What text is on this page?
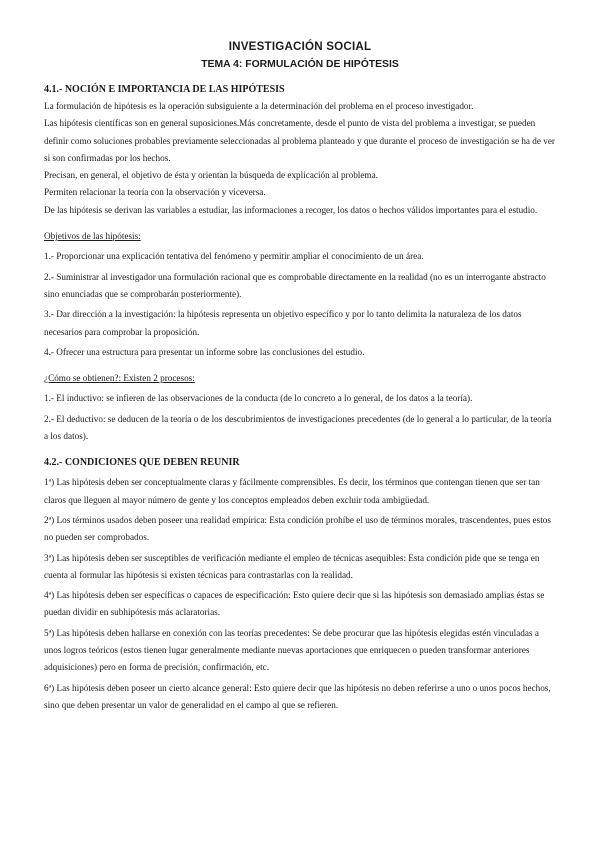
INVESTIGACIÓN SOCIAL
TEMA 4: FORMULACIÓN DE HIPÓTESIS
4.1.- NOCIÓN E IMPORTANCIA DE LAS HIPÓTESIS

La formulación de hipótesis es la operación subsiguiente a la determinación del problema en el proceso investigador.

Las hipótesis científicas son en general suposiciones.Más concretamente, desde el punto de vista del problema a investigar, se pueden definir como soluciones probables previamente seleccionadas al problema planteado y que durante el proceso de investigación se ha de ver si son confirmadas por los hechos.

Precisan, en general, el objetivo de ésta y orientan la búsqueda de explicación al problema.

Permiten relacionar la teoría con la observación y viceversa.

De las hipótesis se derivan las variables a estudiar, las informaciones a recoger, los datos o hechos válidos importantes para el estudio.

Objetivos de las hipótesis:

1.- Proporcionar una explicación tentativa del fenómeno y permitir ampliar el conocimiento de un área.

2.- Suministrar al investigador una formulación racional que es comprobable directamente en la realidad (no es un interrogante abstracto sino enunciadas que se comprobarán posteriormente).

3.- Dar dirección a la investigación: la hipótesis representa un objetivo específico y por lo tanto delimita la naturaleza de los datos necesarios para comprobar la proposición.

4.- Ofrecer una estructura para presentar un informe sobre las conclusiones del estudio.

¿Cómo se obtienen?: Existen 2 procesos:

1.- El inductivo: se infieren de las observaciones de la conducta (de lo concreto a lo general, de los datos a la teoría).

2.- El deductivo: se deducen de la teoría o de los descubrimientos de investigaciones precedentes (de lo general a lo particular, de la teoría a los datos).

4.2.- CONDICIONES QUE DEBEN REUNIR

1ª) Las hipótesis deben ser conceptualmente claras y fácilmente comprensibles. Es decir, los términos que contengan tienen que ser tan claros que lleguen al mayor número de gente y los conceptos empleados deben excluir toda ambigüedad.

2ª) Los términos usados deben poseer una realidad empírica: Esta condición prohíbe el uso de términos morales, trascendentes, pues estos no pueden ser comprobados.

3ª) Las hipótesis deben ser susceptibles de verificación mediante el empleo de técnicas asequibles: Esta condición pide que se tenga en cuenta al formular las hipótesis si existen técnicas para contrastarlas con la realidad.

4ª) Las hipótesis deben ser específicas o capaces de especificación: Esto quiere decir que si las hipótesis son demasiado amplias éstas se puedan dividir en subhipótesis más aclaratorias.

5ª) Las hipótesis deben hallarse en conexión con las teorías precedentes: Se debe procurar que las hipótesis elegidas estén vinculadas a unos logros teóricos (estos tienen lugar generalmente mediante nuevas aportaciones que enriquecen o pueden transformar anteriores adquisiciones) pero en forma de precisión, confirmación, etc.

6ª) Las hipótesis deben poseer un cierto alcance general: Esto quiere decir que las hipótesis no deben referirse a uno o unos pocos hechos, sino que deben presentar un valor de generalidad en el campo al que se refieren.
